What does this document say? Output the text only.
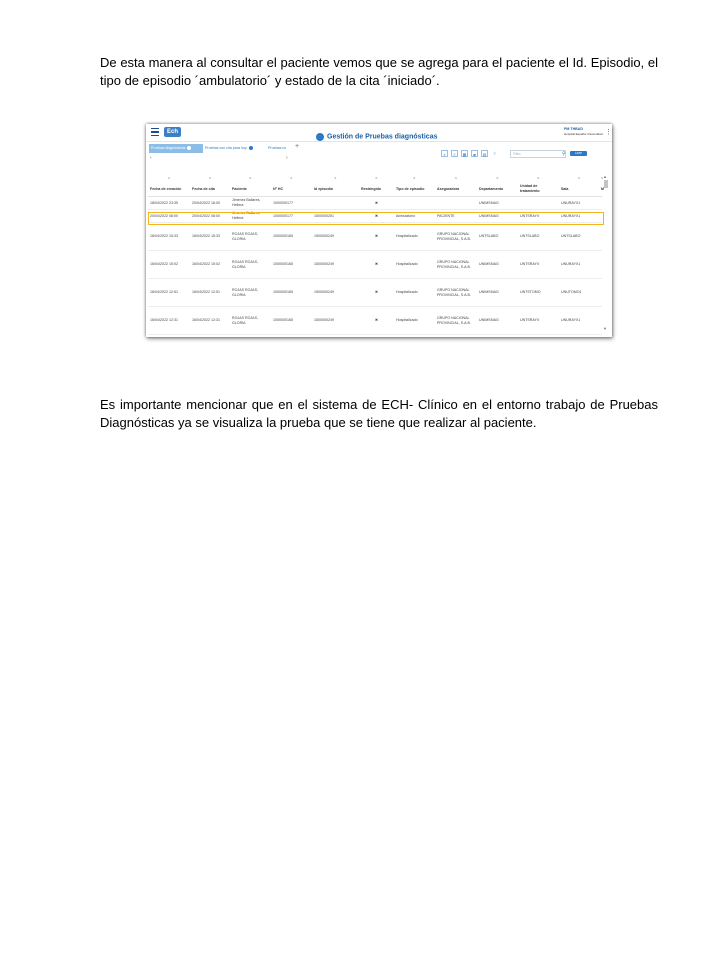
De esta manera al consultar el paciente vemos que se agrega para el paciente el Id. Episodio, el tipo de episodio ´ambulatorio´ y estado de la cita ´iniciado´.

Ech
Gestión de Pruebas diagnósticas
PM THBAD
Hospital España Universidad ⋮
Pruebas diagnósticas	Pruebas con cita para hoy	Pruebas co	+
‹	›
⌕	≡	▦	▰	▤	?	Filtro	⚲	LIMP
▲
▼
⇅	⇅	⇅	⇅	⇅	⇅	⇅	⇅	⇅	⇅	⇅	⇅
Fecha de creación	Fecha de cita	Paciente	Nº HC	Id episodio	Restringido	Tipo de episodio	Aseguradora	Departamento	Unidad de tratamiento	Sala	M
18/04/2022 23:35	20/04/2022 16:00	Jimenez Ballares, Hellera	1000000177		✖			UNIMSMAG		UNURAYX1	
20/04/2022 08:00	20/04/2022 08:00	Jimenez Ballares, Hellera	1000000177	1500000251	✖	Ambulatorio	PACIENTE	UNIMSMAG	UNTSRAYX	UNURAYX1	
16/04/2022 15:33	16/04/2022 15:33	ROJAS ROJAS, GLORIA	1000000165	1500000249	✖	Hospitalizado	GRUPO NACIONAL PROVINCIAL, S.A.B.	UNTSLABO	UNTSLABO	UNTSLABO	
16/04/2022 15:02	16/04/2022 15:02	ROJAS ROJAS, GLORIA	1000000165	1500000249	✖	Hospitalizado	GRUPO NACIONAL PROVINCIAL, S.A.B.	UNIMSMAG	UNTSRAYX	UNURAYX1	
16/04/2022 12:51	16/04/2022 12:51	ROJAS ROJAS, GLORIA	1000000165	1500000249	✖	Hospitalizado	GRUPO NACIONAL PROVINCIAL, S.A.B.	UNIMSMAG	UNTSTOMO	UNUTOMO1	
16/04/2022 12:31	16/04/2022 12:31	ROJAS ROJAS, GLORIA	1000000165	1500000249	✖	Hospitalizado	GRUPO NACIONAL PROVINCIAL, S.A.B.	UNIMSMAG	UNTSRAYX	UNURAYX1	

Es importante mencionar que en el sistema de ECH- Clínico en el entorno trabajo de Pruebas Diagnósticas ya se visualiza la prueba que se tiene que realizar al paciente.
